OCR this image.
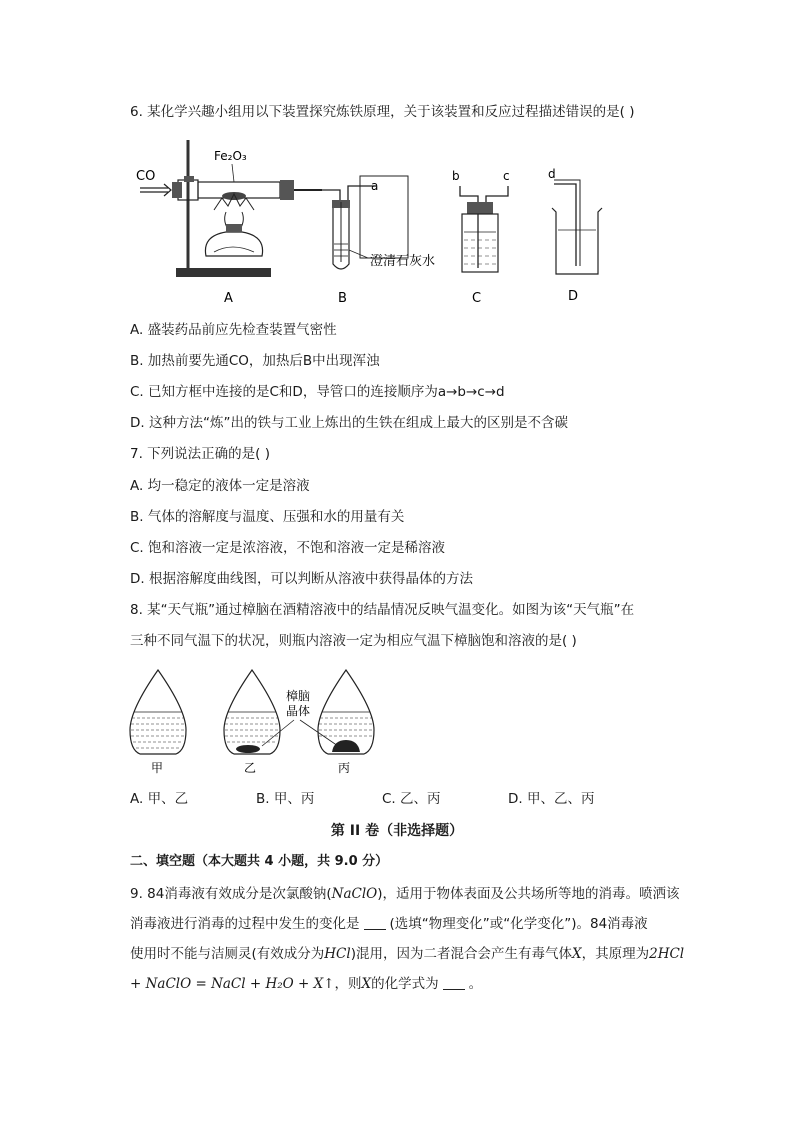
6. 某化学兴趣小组用以下装置探究炼铁原理，关于该装置和反应过程描述错误的是( )
CO
Fe₂O₃
a
澄清石灰水
b	c	d
A	B	C	D
A. 盛装药品前应先检查装置气密性
B. 加热前要先通CO，加热后B中出现浑浊
C. 已知方框中连接的是C和D，导管口的连接顺序为a→b→c→d
D. 这种方法“炼”出的铁与工业上炼出的生铁在组成上最大的区别是不含碳
7. 下列说法正确的是( )
A. 均一稳定的液体一定是溶液
B. 气体的溶解度与温度、压强和水的用量有关
C. 饱和溶液一定是浓溶液，不饱和溶液一定是稀溶液
D. 根据溶解度曲线图，可以判断从溶液中获得晶体的方法
8. 某“天气瓶”通过樟脑在酒精溶液中的结晶情况反映气温变化。如图为该“天气瓶”在
三种不同气温下的状况，则瓶内溶液一定为相应气温下樟脑饱和溶液的是( )
甲	乙	丙
樟脑
晶体
A. 甲、乙	B. 甲、丙	C. 乙、丙	D. 甲、乙、丙
第 II 卷（非选择题）
二、填空题（本大题共 4 小题，共 9.0 分）
9. 84消毒液有效成分是次氯酸钠(NaClO)，适用于物体表面及公共场所等地的消毒。喷洒该
消毒液进行消毒的过程中发生的变化是 (选填“物理变化”或“化学变化”)。84消毒液
使用时不能与洁厕灵(有效成分为HCl)混用，因为二者混合会产生有毒气体X，其原理为2HCl
+ NaClO = NaCl + H₂O + X↑，则X的化学式为 。
